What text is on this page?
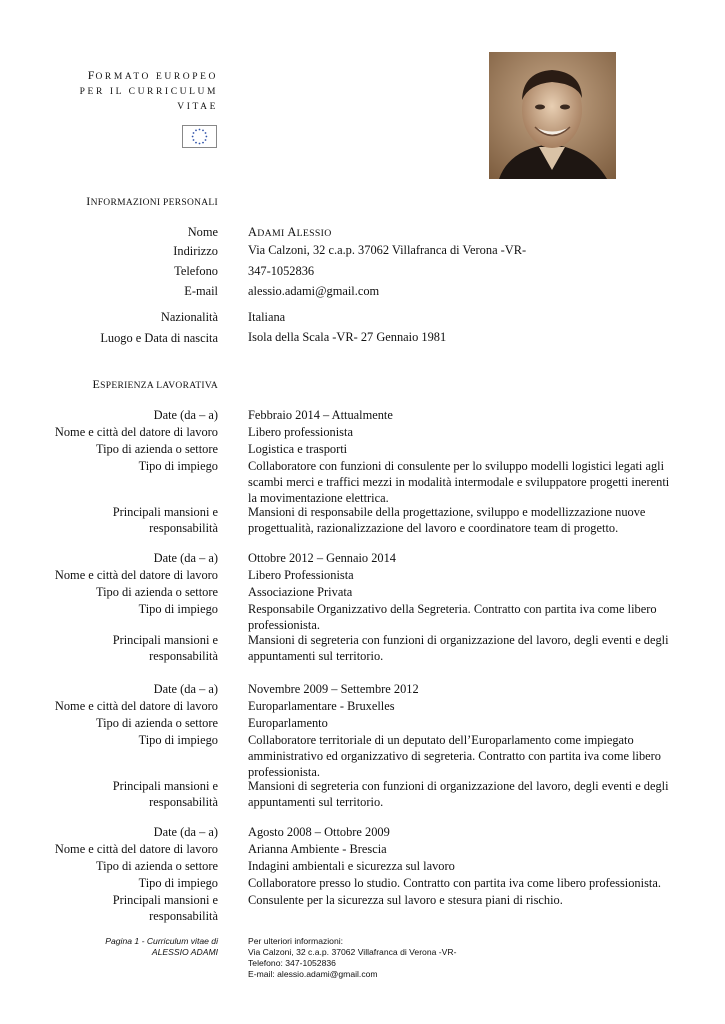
FORMATO EUROPEO
PER IL CURRICULUM
VITAE
INFORMAZIONI PERSONALI
Nome ADAMI ALESSIO
Indirizzo Via Calzoni, 32 c.a.p. 37062 Villafranca di Verona -VR-
Telefono 347-1052836
E-mail alessio.adami@gmail.com
Nazionalità Italiana
Luogo e Data di nascita Isola della Scala -VR- 27 Gennaio 1981
ESPERIENZA LAVORATIVA
Date (da – a) Febbraio 2014 – Attualmente
Nome e città del datore di lavoro Libero professionista
Tipo di azienda o settore Logistica e trasporti
Tipo di impiego Collaboratore con funzioni di consulente per lo sviluppo modelli logistici legati agli scambi merci e traffici mezzi in modalità intermodale e sviluppatore progetti inerenti la movimentazione elettrica.
Principali mansioni e
responsabilità
Mansioni di responsabile della progettazione, sviluppo e modellizzazione nuove progettualità, razionalizzazione del lavoro e coordinatore team di progetto.
Date (da – a) Ottobre 2012 – Gennaio 2014
Nome e città del datore di lavoro Libero Professionista
Tipo di azienda o settore Associazione Privata
Tipo di impiego Responsabile Organizzativo della Segreteria. Contratto con partita iva come libero professionista.
Principali mansioni e
responsabilità
Mansioni di segreteria con funzioni di organizzazione del lavoro, degli eventi e degli appuntamenti sul territorio.
Date (da – a) Novembre 2009 – Settembre 2012
Nome e città del datore di lavoro Europarlamentare - Bruxelles
Tipo di azienda o settore Europarlamento
Tipo di impiego Collaboratore territoriale di un deputato dell’Europarlamento come impiegato amministrativo ed organizzativo di segreteria. Contratto con partita iva come libero professionista.
Principali mansioni e
responsabilità
Mansioni di segreteria con funzioni di organizzazione del lavoro, degli eventi e degli appuntamenti sul territorio.
Date (da – a) Agosto 2008 – Ottobre 2009
Nome e città del datore di lavoro Arianna Ambiente - Brescia
Tipo di azienda o settore Indagini ambientali e sicurezza sul lavoro
Tipo di impiego Collaboratore presso lo studio. Contratto con partita iva come libero professionista.
Principali mansioni e
responsabilità
Consulente per la sicurezza sul lavoro e stesura piani di rischio.
Pagina 1 - Curriculum vitae di
ALESSIO ADAMI
Per ulteriori informazioni:
Via Calzoni, 32 c.a.p. 37062 Villafranca di Verona -VR-
Telefono: 347-1052836
E-mail: alessio.adami@gmail.com
